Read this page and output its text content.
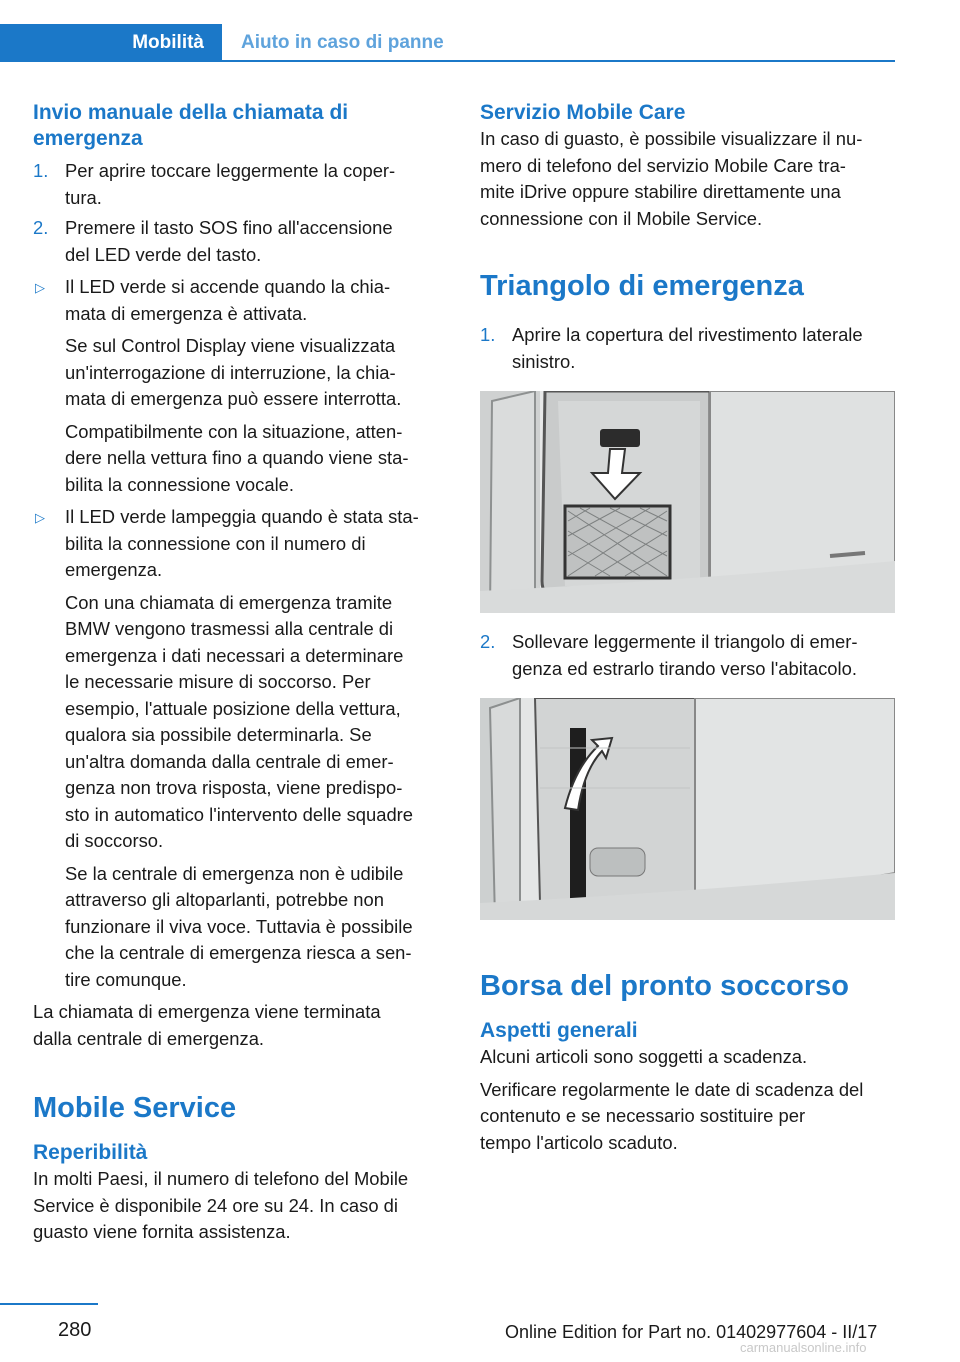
Mobilità	Aiuto in caso di panne
Invio manuale della chiamata di
emergenza
1. Per aprire toccare leggermente la coper-
tura.
2. Premere il tasto SOS fino all'accensione
del LED verde del tasto.
▷ Il LED verde si accende quando la chia-
mata di emergenza è attivata.
Se sul Control Display viene visualizzata
un'interrogazione di interruzione, la chia-
mata di emergenza può essere interrotta.
Compatibilmente con la situazione, atten-
dere nella vettura fino a quando viene sta-
bilita la connessione vocale.
▷ Il LED verde lampeggia quando è stata sta-
bilita la connessione con il numero di
emergenza.
Con una chiamata di emergenza tramite
BMW vengono trasmessi alla centrale di
emergenza i dati necessari a determinare
le necessarie misure di soccorso. Per
esempio, l'attuale posizione della vettura,
qualora sia possibile determinarla. Se
un'altra domanda dalla centrale di emer-
genza non trova risposta, viene predispo-
sto in automatico l'intervento delle squadre
di soccorso.
Se la centrale di emergenza non è udibile
attraverso gli altoparlanti, potrebbe non
funzionare il viva voce. Tuttavia è possibile
che la centrale di emergenza riesca a sen-
tire comunque.

La chiamata di emergenza viene terminata
dalla centrale di emergenza.

Mobile Service
Reperibilità

In molti Paesi, il numero di telefono del Mobile
Service è disponibile 24 ore su 24. In caso di
guasto viene fornita assistenza.

Servizio Mobile Care

In caso di guasto, è possibile visualizzare il nu-
mero di telefono del servizio Mobile Care tra-
mite iDrive oppure stabilire direttamente una
connessione con il Mobile Service.

Triangolo di emergenza
1. Aprire la copertura del rivestimento laterale
sinistro.
2. Sollevare leggermente il triangolo di emer-
genza ed estrarlo tirando verso l'abitacolo.
Borsa del pronto soccorso
Aspetti generali

Alcuni articoli sono soggetti a scadenza.

Verificare regolarmente le date di scadenza del
contenuto e se necessario sostituire per
tempo l'articolo scaduto.

280	Online Edition for Part no. 01402977604 - II/17
carmanualsonline.info
